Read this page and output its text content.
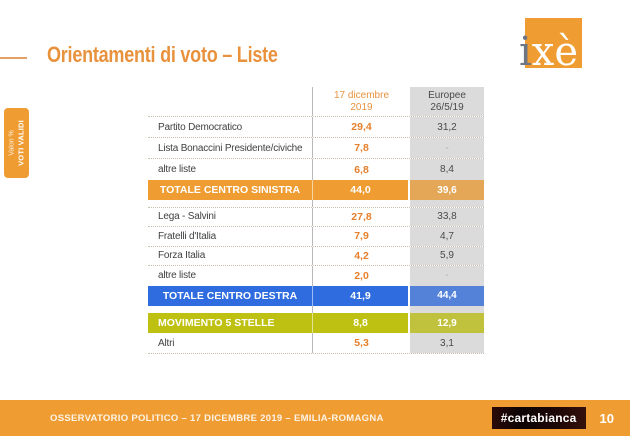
Orientamenti di voto – Liste	ixè
Valori % VOTI VALIDI
17 dicembre
2019
Europee
26/5/19
Partito Democratico	29,4	31,2
Lista Bonaccini Presidente/civiche	7,8	-
altre liste	6,8	8,4
TOTALE CENTRO SINISTRA	44,0	39,6
Lega - Salvini	27,8	33,8
Fratelli d'Italia	7,9	4,7
Forza Italia	4,2	5,9
altre liste	2,0	-
TOTALE CENTRO DESTRA	41,9	44,4
MOVIMENTO 5 STELLE	8,8	12,9
Altri	5,3	3,1
OSSERVATORIO POLITICO – 17 DICEMBRE 2019 – EMILIA-ROMAGNA	#cartabianca	10
